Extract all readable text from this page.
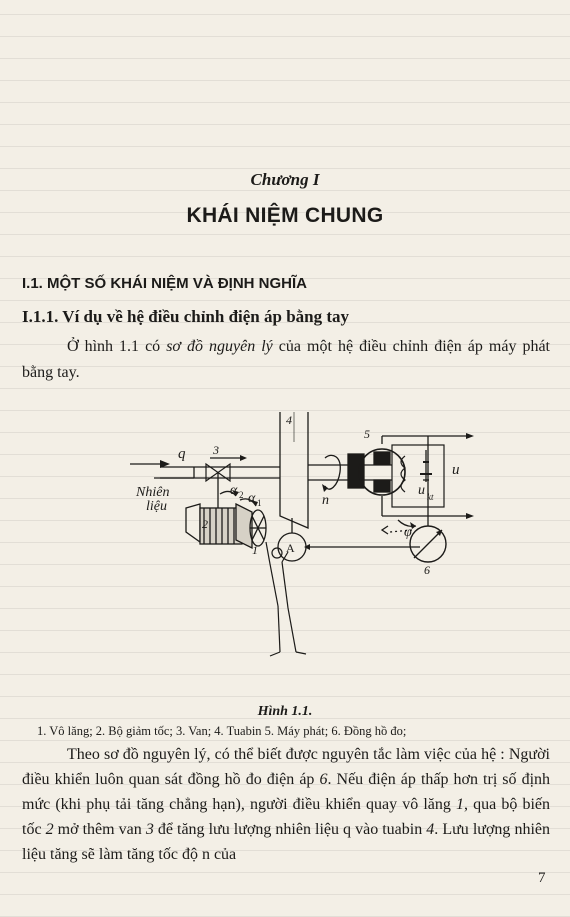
Chương I
KHÁI NIỆM CHUNG
I.1. MỘT SỐ KHÁI NIỆM VÀ ĐỊNH NGHĨA
I.1.1. Ví dụ về hệ điều chỉnh điện áp bằng tay
Ở hình 1.1 có sơ đồ nguyên lý của một hệ điều chỉnh điện áp máy phát bằng tay.
Nhiên
liệu
q 3
4
5
2
1
6
A
α 2 α 1	n
φ
u
u kt
Hình 1.1.
1. Vô lăng; 2. Bộ giảm tốc; 3. Van; 4. Tuabin 5. Máy phát; 6. Đồng hồ đo;
Theo sơ đồ nguyên lý, có thể biết được nguyên tắc làm việc của hệ : Người điều khiển luôn quan sát đồng hồ đo điện áp 6. Nếu điện áp thấp hơn trị số định mức (khi phụ tải tăng chẳng hạn), người điều khiển quay vô lăng 1, qua bộ biến tốc 2 mở thêm van 3 để tăng lưu lượng nhiên liệu q vào tuabin 4. Lưu lượng nhiên liệu tăng sẽ làm tăng tốc độ n của
7
